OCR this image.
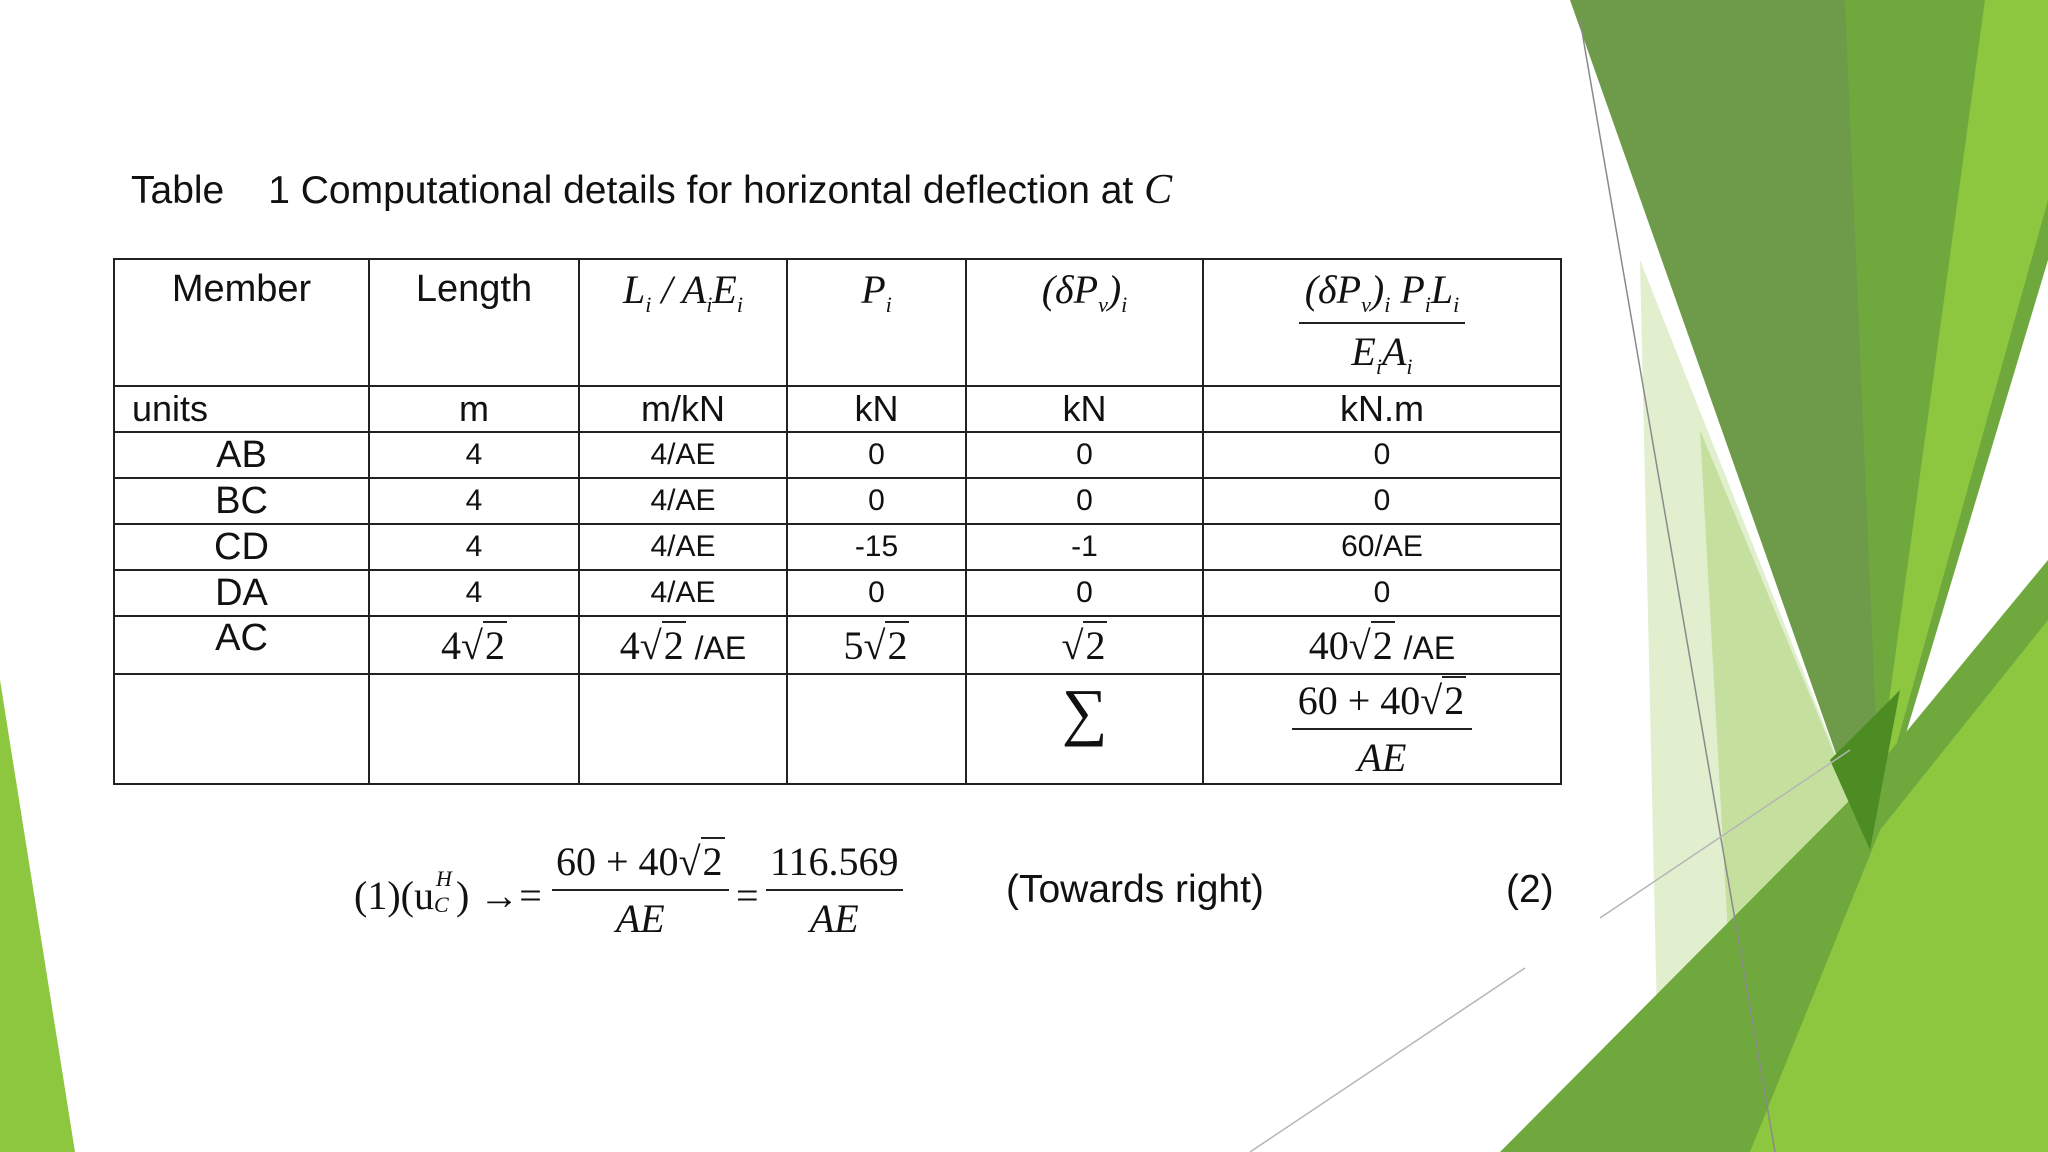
Table 1 Computational details for horizontal deflection at C
Member	Length	$L_i / A_iE_i$	$P_i$	$(\delta P_v)_i$	$\frac{(\delta P_v)_i P_iL_i}{E_iA_i}$

units	m	m/kN	kN	kN	kN.m
AB	4	4/AE	0	0	0
BC	4	4/AE	0	0	0
CD	4	4/AE	-15	-1	60/AE
DA	4	4/AE	0	0	0
AC	4√2	4√2 /AE	5√2	√2	40√2 /AE
				∑	$\frac{60 + 40√2}{AE}$
(1)(u H
C ) →= $\frac{60 + 40√2}{AE} = \frac{116.569}{AE}$	(Towards right)	(2)
